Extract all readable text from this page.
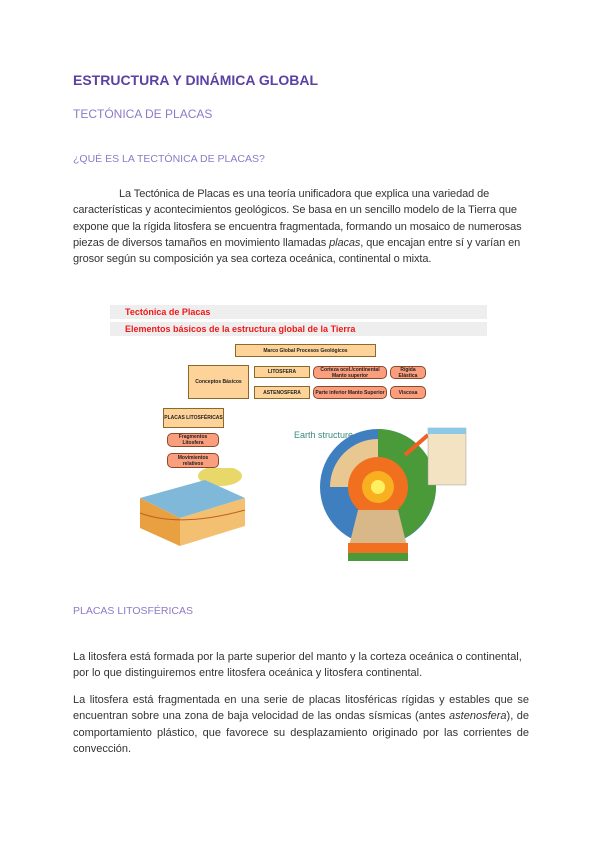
ESTRUCTURA Y DINÁMICA GLOBAL
TECTÓNICA DE PLACAS
¿QUÉ ES LA TECTÓNICA DE PLACAS?

La Tectónica de Placas es una teoría unificadora que explica una variedad de características y acontecimientos geológicos. Se basa en un sencillo modelo de la Tierra que expone que la rígida litosfera se encuentra fragmentada, formando un mosaico de numerosas piezas de diversos tamaños en movimiento llamadas placas, que encajan entre sí y varían en grosor según su composición ya sea corteza oceánica, continental o mixta.

Tectónica de Placas
Elementos básicos de la estructura global de la Tierra
Marco Global Procesos Geológicos
Conceptos Básicos
LITOSFERA
ASTENOSFERA
Corteza ocel./continental Manto superior
Parte inferior Manto Superior
Rígida Elástica
Viscosa
PLACAS LITOSFÉRICAS
Fragmentos Litosfera
Movimientos relativos
Earth structure
PLACAS LITOSFÉRICAS

La litosfera está formada por la parte superior del manto y la corteza oceánica o continental, por lo que distinguiremos entre litosfera oceánica y litosfera continental.

La litosfera está fragmentada en una serie de placas litosféricas rígidas y estables que se encuentran sobre una zona de baja velocidad de las ondas sísmicas (antes astenosfera), de comportamiento plástico, que favorece su desplazamiento originado por las corrientes de convección.
